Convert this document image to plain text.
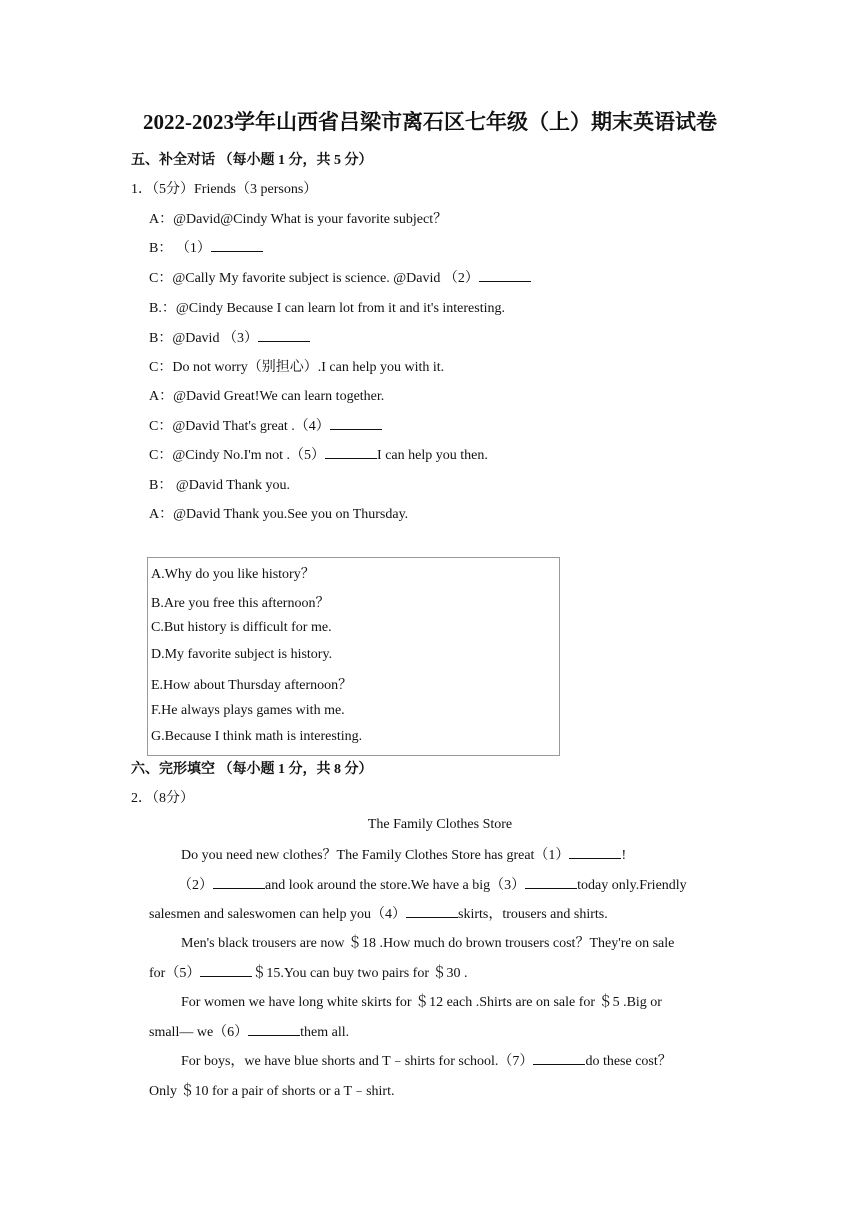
2022-2023学年山西省吕梁市离石区七年级（上）期末英语试卷
五、补全对话 （每小题 1 分，共 5 分）
1．（5分）Friends（3 persons）
A：@David@Cindy What is your favorite subject？
B： （1）
C：@Cally My favorite subject is science. @David （2）
B.：@Cindy Because I can learn lot from it and it's interesting.
B：@David （3）
C：Do not worry（别担心）.I can help you with it.
A：@David Great!We can learn together.
C：@David That's great .（4）
C：@Cindy No.I'm not .（5）	I can help you then.
B： @David Thank you.
A：@David Thank you.See you on Thursday.
A.Why do you like history？
B.Are you free this afternoon？
C.But history is difficult for me.
D.My favorite subject is history.
E.How about Thursday afternoon？
F.He always plays games with me.
G.Because I think math is interesting.
六、完形填空 （每小题 1 分，共 8 分）
2．（8分）
The Family Clothes Store
Do you need new clothes？The Family Clothes Store has great（1）	!
（2）	and look around the store.We have a big（3）	today only.Friendly
salesmen and saleswomen can help you（4）	skirts，trousers and shirts.
Men's black trousers are now ＄18 .How much do brown trousers cost？They're on sale
for（5）	＄15.You can buy two pairs for ＄30 .
For women we have long white skirts for ＄12 each .Shirts are on sale for ＄5 .Big or
small— we（6）	them all.
For boys，we have blue shorts and T﹣shirts for school.（7）	do these cost？
Only ＄10 for a pair of shorts or a T﹣shirt.
